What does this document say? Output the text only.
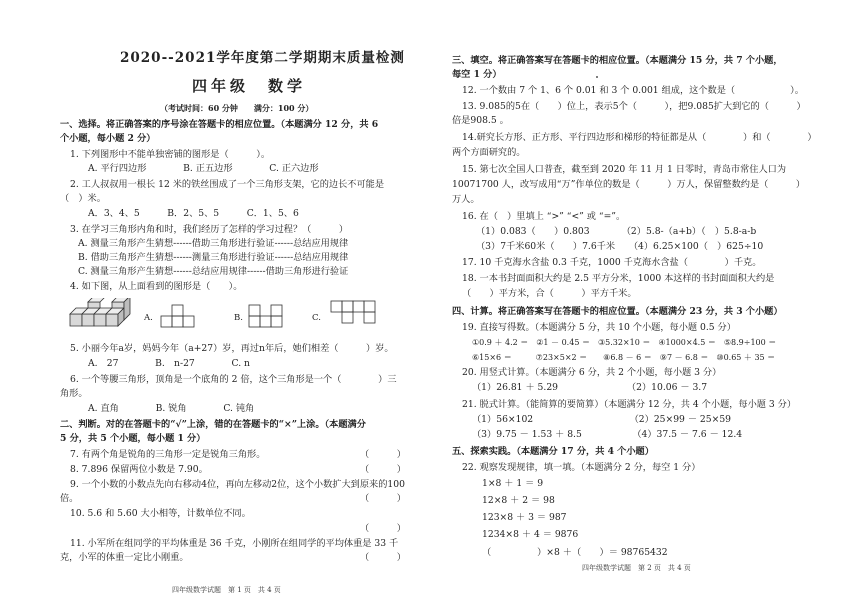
2020--2021学年度第二学期期末质量检测
四年级　数学
（考试时间：60 分钟　　满分：100 分）
一、选择。将正确答案的序号涂在答题卡的相应位置。（本题满分 12 分，共 6
个小题，每小题 2 分）
1. 下列图形中不能单独密铺的图形是（　　　）。
A. 平行四边形　　　　B. 正五边形　　　　C. 正六边形
2. 工人叔叔用一根长 12 米的铁丝围成了一个三角形支架，它的边长不可能是
（　）米。
A．3、4、5　　　B．2、5、5　　　C．1、5、6
3. 在学习三角形内角和时，我们经历了怎样的学习过程？（　　　）
A. 测量三角形产生猜想------借助三角形进行验证------总结应用规律
B. 借助三角形产生猜想------测量三角形进行验证------总结应用规律
C. 测量三角形产生猜想------总结应用规律------借助三角形进行验证
4. 如下图，从上面看到的图形是（　　）。
A.	B.	C.
5. 小丽今年a岁，妈妈今年（a+27）岁，再过n年后，她们相差（　　　）岁。
A.　27　　　　B.　n-27　　　　C. n
6. 一个等腰三角形，顶角是一个底角的 2 倍，这个三角形是一个（　　　　）三
角形。
A. 直角　　　　B. 锐角　　　　C. 钝角
二、判断。对的在答题卡的“√”上涂，错的在答题卡的“×”上涂。（本题满分
5 分，共 5 个小题，每小题 1 分）
7. 有两个角是锐角的三角形一定是锐角三角形。	（　　　）
8. 7.896 保留两位小数是 7.90。	（　　　）
9. 一个小数的小数点先向右移动4位，再向左移动2位，这个小数扩大到原来的100
倍。	（　　　）
10. 5.6 和 5.60 大小相等，计数单位不同。
（　　　）
11. 小军所在组同学的平均体重是 36 千克，小刚所在组同学的平均体重是 33 千
克，小军的体重一定比小刚重。	（　　　）
四年级数学试题　第 1 页　共 4 页
三、填空。将正确答案写在答题卡的相应位置。（本题满分 15 分，共 7 个小题，
每空 1 分）
12. 一个数由 7 个 1、6 个 0.01 和 3 个 0.001 组成，这个数是（　　　　　　）。
13. 9.085的5在（　　）位上，表示5个（　　　），把9.085扩大到它的（　　　）
倍是908.5 。
14.研究长方形、正方形、平行四边形和梯形的特征都是从（　　　　）和（　　　　）
两个方面研究的。
15. 第七次全国人口普查，截至到 2020 年 11 月 1 日零时，青岛市常住人口为
10071700 人，改写成用“万”作单位的数是（　　　）万人，保留整数约是（　　　）
万人。
16. 在（　）里填上 “>” “<” 或 “=”。
（1）0.083（　　）0.803　　　　（2）5.8-（a+b）（　）5.8-a-b
（3）7千米60米（　　）7.6千米　　（4）6.25×100（　）625÷10
17. 10 千克海水含盐 0.3 千克，1000 千克海水含盐（　　　　）千克。
18. 一本书封面面积大约是 2.5 平方分米，1000 本这样的书封面面积大约是
（　　）平方米，合（　　　）平方千米。
四、计算。将正确答案写在答题卡的相应位置。（本题满分 23 分，共 3 个小题）
19. 直接写得数。（本题满分 5 分，共 10 个小题，每小题 0.5 分）
①0.9 ＋ 4.2 ＝　②1 － 0.45 ＝　③5.32×10 ＝　④1000×4.5 ＝　⑤8.9÷100 ＝
⑥15×6 ＝　　　⑦23×5×2 ＝　　⑧6.8 － 6 ＝　⑨7 － 6.8 ＝　⑩0.65 ＋ 35 ＝
20. 用竖式计算。（本题满分 6 分，共 2 个小题，每小题 3 分）
（1）26.81 ＋ 5.29　　　　　　　　（2）10.06 － 3.7
21. 脱式计算。（能简算的要简算）（本题满分 12 分，共 4 个小题，每小题 3 分）
（1）56×102　　　　　　　　　　　（2）25×99 － 25×59
（3）9.75 － 1.53 ＋ 8.5　　　　　　（4）37.5 － 7.6 － 12.4
五、探索实践。（本题满分 17 分，共 4 个小题）
22. 观察发现规律，填一填。（本题满分 2 分，每空 1 分）
1×8 ＋ 1 ＝ 9
12×8 ＋ 2 ＝ 98
123×8 ＋ 3 ＝ 987
1234×8 ＋ 4 ＝ 9876
（　　　　　）×8 ＋（　　）＝ 98765432
四年级数学试题　第 2 页　共 4 页
